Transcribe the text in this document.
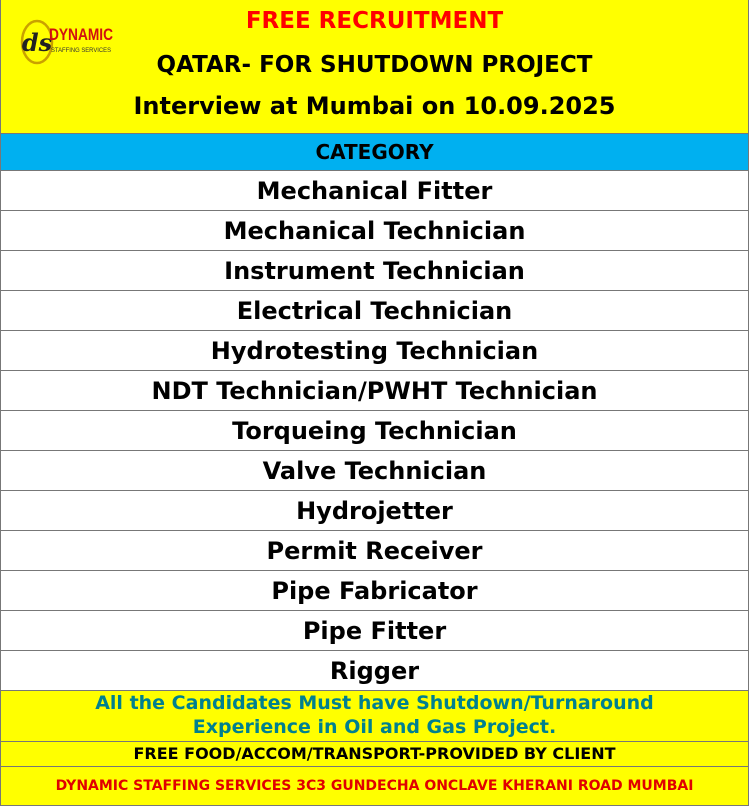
ds
DYNAMIC
STAFFING SERVICES
FREE RECRUITMENT
QATAR- FOR SHUTDOWN PROJECT
Interview at Mumbai on 10.09.2025
CATEGORY
Mechanical Fitter
Mechanical Technician
Instrument Technician
Electrical Technician
Hydrotesting Technician
NDT Technician/PWHT Technician
Torqueing Technician
Valve Technician
Hydrojetter
Permit Receiver
Pipe Fabricator
Pipe Fitter
Rigger
All the Candidates Must have Shutdown/Turnaround
Experience in Oil and Gas Project.
FREE FOOD/ACCOM/TRANSPORT-PROVIDED BY CLIENT
DYNAMIC STAFFING SERVICES 3C3 GUNDECHA ONCLAVE KHERANI ROAD MUMBAI
